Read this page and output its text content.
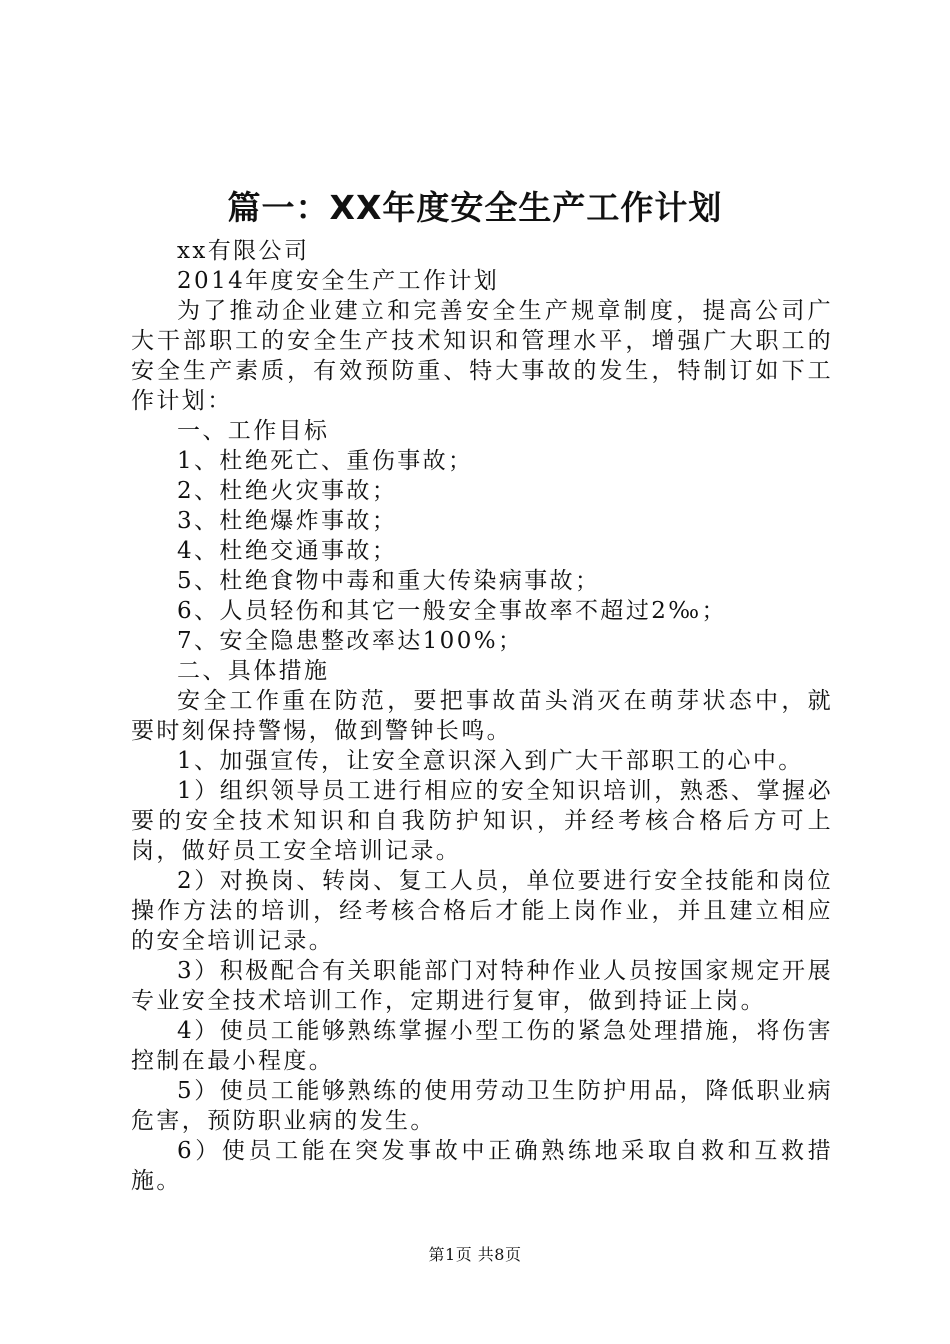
篇一：XX年度安全生产工作计划

xx有限公司

2014年度安全生产工作计划

为了推动企业建立和完善安全生产规章制度，提高公司广大干部职工的安全生产技术知识和管理水平，增强广大职工的安全生产素质，有效预防重、特大事故的发生，特制订如下工作计划：

一、工作目标

1、杜绝死亡、重伤事故；

2、杜绝火灾事故；

3、杜绝爆炸事故；

4、杜绝交通事故；

5、杜绝食物中毒和重大传染病事故；

6、人员轻伤和其它一般安全事故率不超过2‰；

7、安全隐患整改率达100%；

二、具体措施

安全工作重在防范，要把事故苗头消灭在萌芽状态中，就要时刻保持警惕，做到警钟长鸣。

1、加强宣传，让安全意识深入到广大干部职工的心中。

1）组织领导员工进行相应的安全知识培训，熟悉、掌握必要的安全技术知识和自我防护知识，并经考核合格后方可上岗，做好员工安全培训记录。

2）对换岗、转岗、复工人员，单位要进行安全技能和岗位操作方法的培训，经考核合格后才能上岗作业，并且建立相应的安全培训记录。

3）积极配合有关职能部门对特种作业人员按国家规定开展专业安全技术培训工作，定期进行复审，做到持证上岗。

4）使员工能够熟练掌握小型工伤的紧急处理措施，将伤害控制在最小程度。

5）使员工能够熟练的使用劳动卫生防护用品，降低职业病危害，预防职业病的发生。

6）使员工能在突发事故中正确熟练地采取自救和互救措施。

第1页 共8页
